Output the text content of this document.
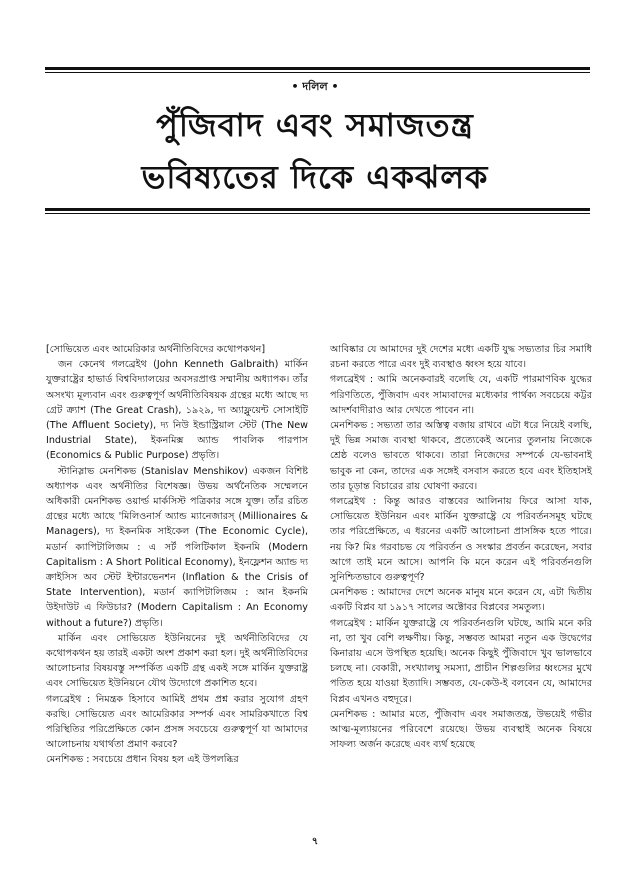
• দলিল •
পুঁজিবাদ এবং সমাজতন্ত্র
ভবিষ্যতের দিকে একঝলক

[সোভিয়েত এবং আমেরিকার অর্থনীতিবিদের কথোপকথন]

জন কেনেথ গলব্রেইথ (John Kenneth Galbraith) মার্কিন যুক্তরাষ্ট্রের হাভার্ড বিশ্ববিদ্যালয়ের অবসরপ্রাপ্ত সম্মানীয় অধ্যাপক। তাঁর অসংখ্য মূল্যবান এবং গুরুত্বপূর্ণ অর্থনীতিবিষয়ক গ্রন্থের মধ্যে আছে দ্য গ্রেট ক্র্যাশ (The Great Crash), ১৯২৯, দ্য অ্যাফ্লুয়েন্ট সোসাইটি (The Affluent Society), দ্য নিউ ইন্ডাস্ট্রিয়াল স্টেট (The New Industrial State), ইকনমিক্স অ্যান্ড পাবলিক পারপাস (Economics & Public Purpose) প্রভৃতি।

স্টানিস্লাভ মেনশিকভ (Stanislav Menshikov) একজন বিশিষ্ট অধ্যাপক এবং অর্থনীতির বিশেষজ্ঞ। উভয় অর্থনৈতিক সম্মেলনে অধিকারী মেনশিকভ ওয়ার্ল্ড মার্কসিস্ট পত্রিকার সঙ্গে যুক্ত। তাঁর রচিত গ্রন্থের মধ্যে আছে 'মিলিওনার্স অ্যান্ড ম্যানেজারস্ (Millionaires & Managers), দ্য ইকনমিক সাইকেল (The Economic Cycle), মডার্ন ক্যাপিটালিজম : এ সর্ট পলিটিকাল ইকনমি (Modern Capitalism : A Short Political Economy), ইনফ্লেশন অ্যান্ড দ্য ক্রাইসিস অব স্টেট ইন্টারভেনশন (Inflation & the Crisis of State Intervention), মডার্ন ক্যাপিটালিজম : আন ইকনমি উইদাউট এ ফিউচার? (Modern Capitalism : An Economy without a future?) প্রভৃতি।

মার্কিন এবং সোভিয়েত ইউনিয়নের দুই অর্থনীতিবিদের যে কথোপকথন হয় তারই একটা অংশ প্রকাশ করা হল। দুই অর্থনীতিবিদের আলোচনার বিষয়বস্তু সম্পর্কিত একটি গ্রন্থ একই সঙ্গে মার্কিন যুক্তরাষ্ট্র এবং সোভিয়েত ইউনিয়নে যৌথ উদ্যোগে প্রকাশিত হবে।

গলব্রেইথ : নিমন্ত্রক হিসাবে আমিই প্রথম প্রশ্ন করার সুযোগ গ্রহণ করছি। সোভিয়েত এবং আমেরিকার সম্পর্ক এবং সামরিকখাতে বিশ্ব পরিস্থিতির পরিপ্রেক্ষিতে কোন প্রসঙ্গ সবচেয়ে গুরুত্বপূর্ণ যা আমাদের আলোচনায় যথার্থতা প্রমাণ করবে?

মেনশিকভ : সবচেয়ে প্রধান বিষয় হল এই উপলব্ধির

আবিষ্কার যে আমাদের দুই দেশের মধ্যে একটি যুদ্ধ সভ্যতার চির সমাধি রচনা করতে পারে এবং দুই ব্যবস্থাও ধ্বংস হয়ে যাবে।

গলব্রেইথ : আমি অনেকবারই বলেছি যে, একটি পারমাণবিক যুদ্ধের পরিণতিতে, পুঁজিবাদ এবং সাম্যবাদের মধ্যেকার পার্থক্য সবচেয়ে কট্টর আদর্শবাদীরাও আর দেখতে পাবেন না।

মেনশিকভ : সভ্যতা তার অস্তিত্ব বজায় রাখবে এটা ধরে নিয়েই বলছি, দুই ভিন্ন সমাজ ব্যবস্থা থাকবে, প্রত্যেকেই অন্যের তুলনায় নিজেকে শ্রেষ্ঠ বলেও ভাবতে থাকবে। তারা নিজেদের সম্পর্কে যে-ভাবনাই ভাবুক না কেন, তাদের এক সঙ্গেই বসবাস করতে হবে এবং ইতিহাসই তার চূড়ান্ত বিচারের রায় ঘোষণা করবে।

গলব্রেইথ : কিন্তু আরও বাস্তবের আলিনায় ফিরে আসা যাক, সোভিয়েত ইউনিয়ন এবং মার্কিন যুক্তরাষ্ট্রে যে পরিবর্তনসমূহ ঘটছে তার পরিপ্রেক্ষিতে, এ ধরনের একটি আলোচনা প্রাসঙ্গিক হতে পারে। নয় কি? মিঃ গরবাচভ যে পরিবর্তন ও সংস্কার প্রবর্তন করেছেন, সবার আগে তাই মনে আসে। আপনি কি মনে করেন এই পরিবর্তনগুলি সুনিশ্চিতভাবে গুরুত্বপূর্ণ?

মেনশিকভ : আমাদের দেশে অনেক মানুষ মনে করেন যে, এটা দ্বিতীয় একটি বিপ্লব যা ১৯১৭ সালের অক্টোবর বিপ্লবের সমতুল্য।

গলব্রেইথ : মার্কিন যুক্তরাষ্ট্রে যে পরিবর্তনগুলি ঘটছে, আমি মনে করি না, তা খুব বেশি লক্ষণীয়। কিন্তু, সম্ভবত আমরা নতুন এক উদ্বেগের কিনারায় এসে উপস্থিত হয়েছি। অনেক কিছুই পুঁজিবাদে খুব ভালভাবে চলছে না। বেকারী, সংখ্যালঘু সমস্যা, প্রাচীন শিল্পগুলির ধ্বংসের মুখে পতিত হয়ে যাওয়া ইত্যাদি। সম্ভবত, যে-কেউ-ই বলবেন যে, আমাদের বিপ্লব এখনও বহুদূরে।

মেনশিকভ : আমার মতে, পুঁজিবাদ এবং সমাজতন্ত্র, উভয়েই গভীর আত্ম-মূল্যায়নের পরিবেশে রয়েছে। উভয় ব্যবস্থাই অনেক বিষয়ে সাফল্য অর্জন করেছে এবং ব্যর্থ হয়েছে

৭
